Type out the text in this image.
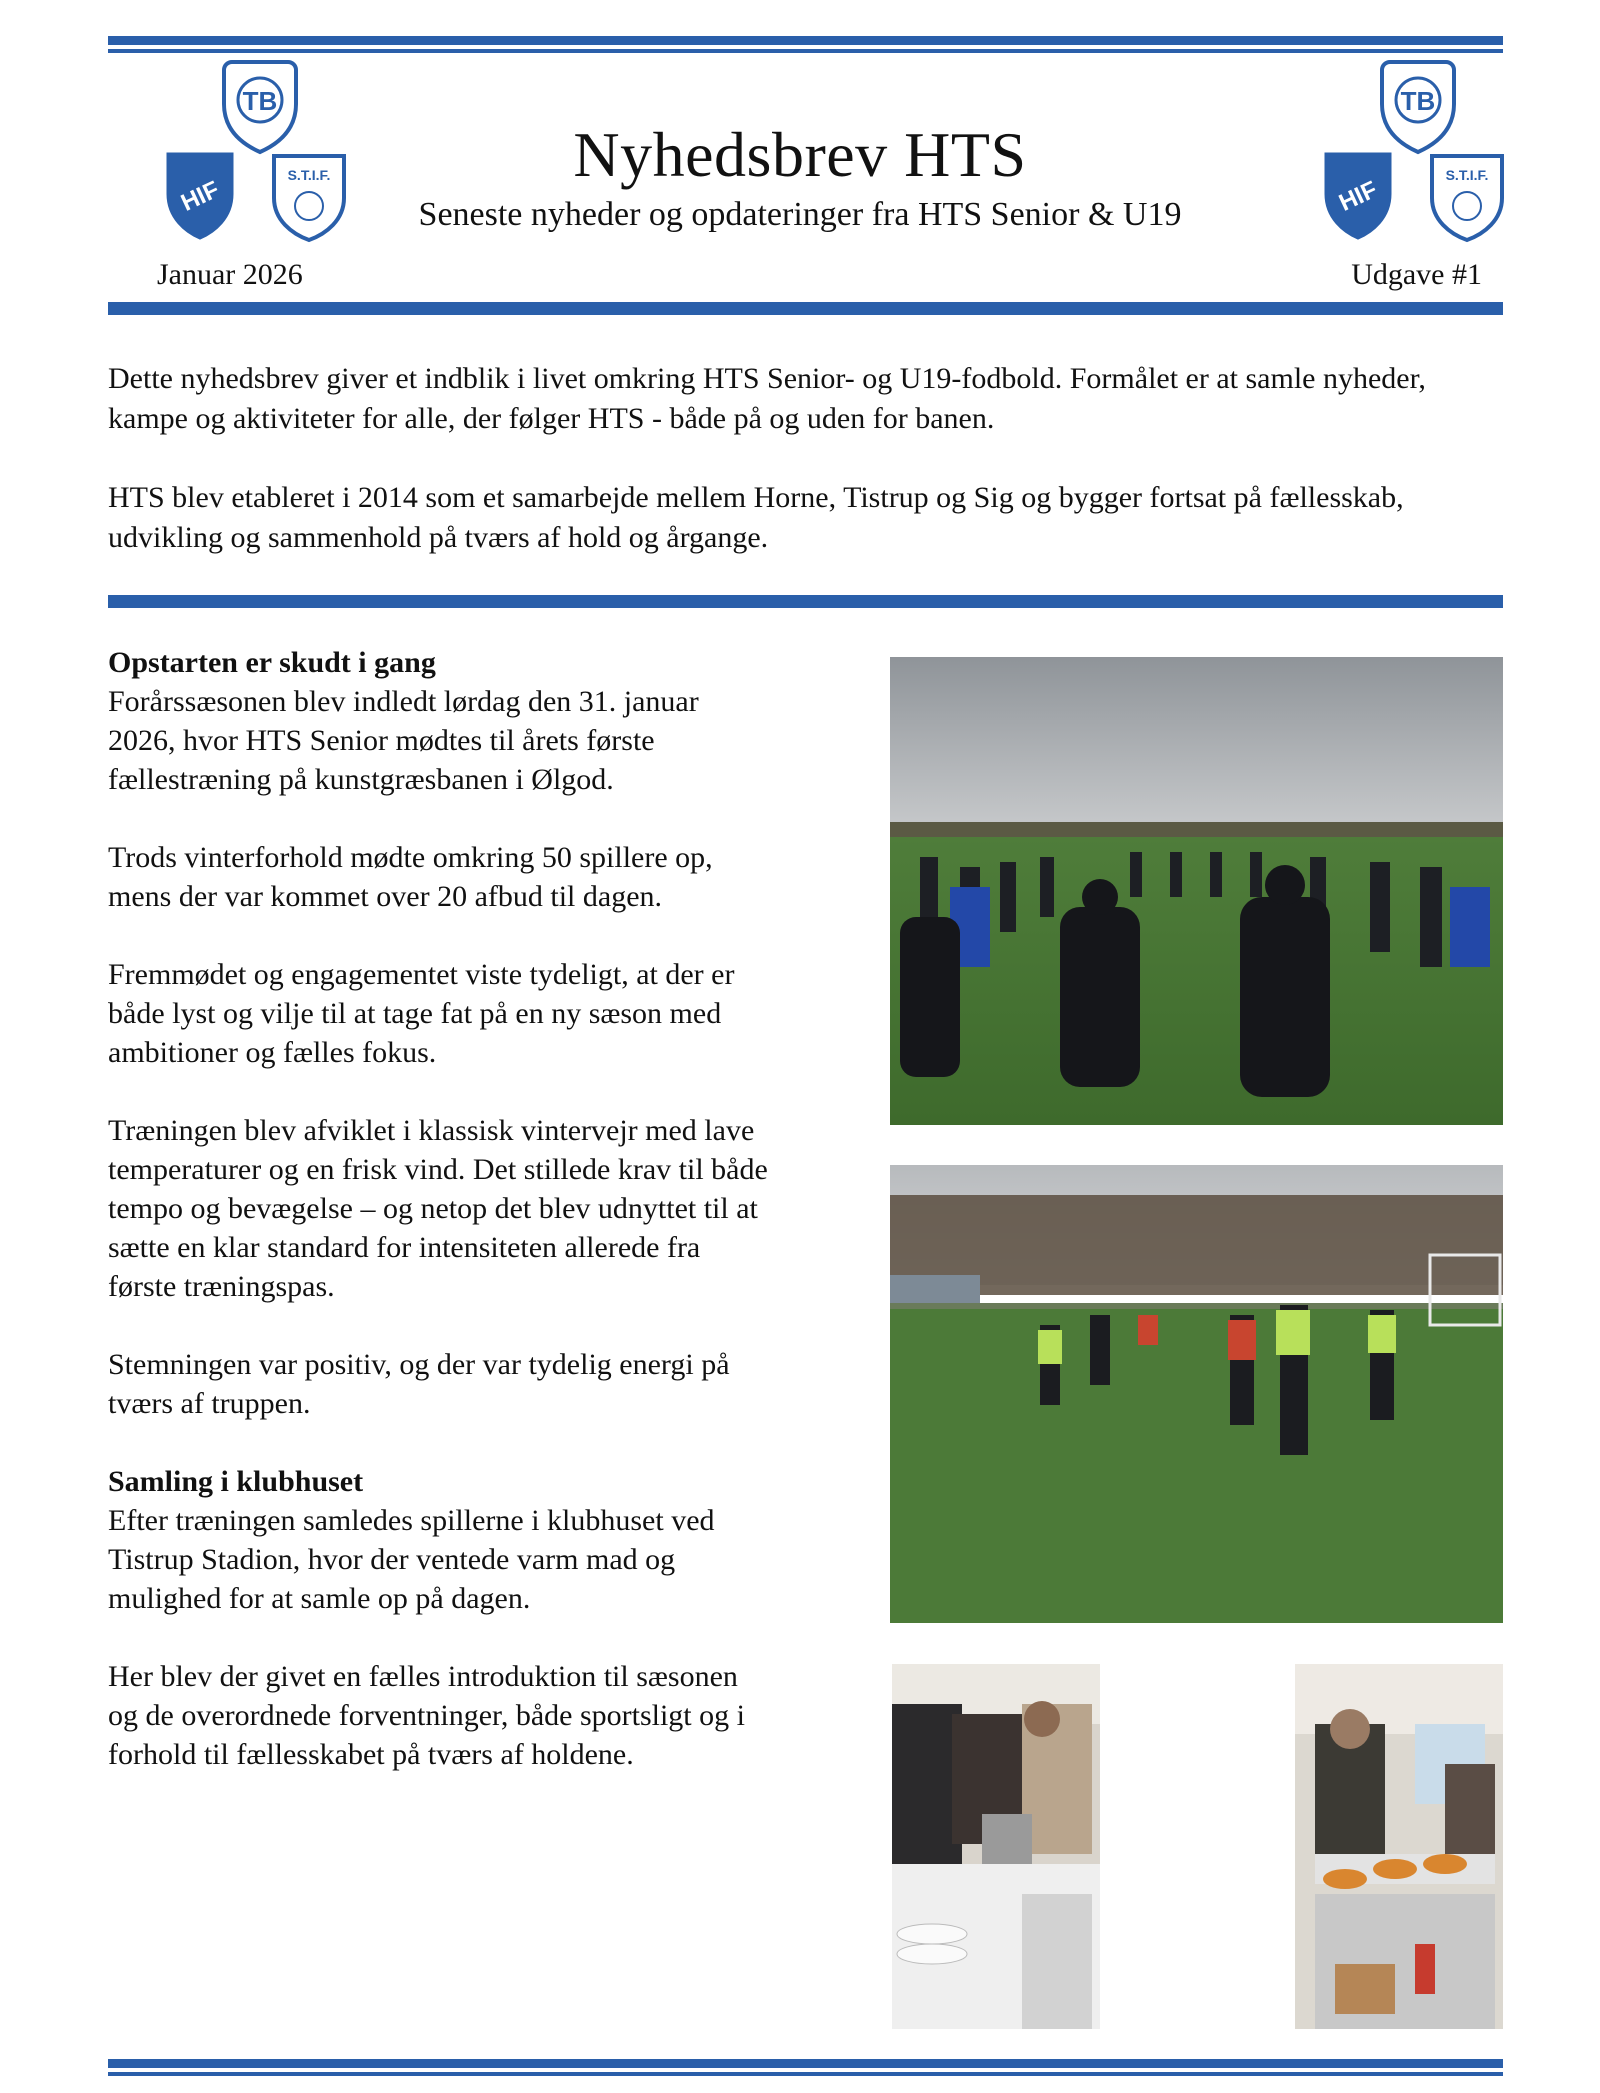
TB
HIF
S.T.I.F.
TB
HIF
S.T.I.F.
Nyhedsbrev HTS
Seneste nyheder og opdateringer fra HTS Senior & U19
Januar 2026	Udgave #1
Dette nyhedsbrev giver et indblik i livet omkring HTS Senior- og U19-fodbold. Formålet er at samle nyheder, kampe og aktiviteter for alle, der følger HTS - både på og uden for banen.
HTS blev etableret i 2014 som et samarbejde mellem Horne, Tistrup og Sig og bygger fortsat på fællesskab, udvikling og sammenhold på tværs af hold og årgange.
Opstarten er skudt i gang

Forårssæsonen blev indledt lørdag den 31. januar 2026, hvor HTS Senior mødtes til årets første fællestræning på kunstgræsbanen i Ølgod.

Trods vinterforhold mødte omkring 50 spillere op, mens der var kommet over 20 afbud til dagen.

Fremmødet og engagementet viste tydeligt, at der er både lyst og vilje til at tage fat på en ny sæson med ambitioner og fælles fokus.

Træningen blev afviklet i klassisk vintervejr med lave temperaturer og en frisk vind. Det stillede krav til både tempo og bevægelse – og netop det blev udnyttet til at sætte en klar standard for intensiteten allerede fra første træningspas.

Stemningen var positiv, og der var tydelig energi på tværs af truppen.

Samling i klubhuset

Efter træningen samledes spillerne i klubhuset ved Tistrup Stadion, hvor der ventede varm mad og mulighed for at samle op på dagen.

Her blev der givet en fælles introduktion til sæsonen og de overordnede forventninger, både sportsligt og i forhold til fællesskabet på tværs af holdene.
